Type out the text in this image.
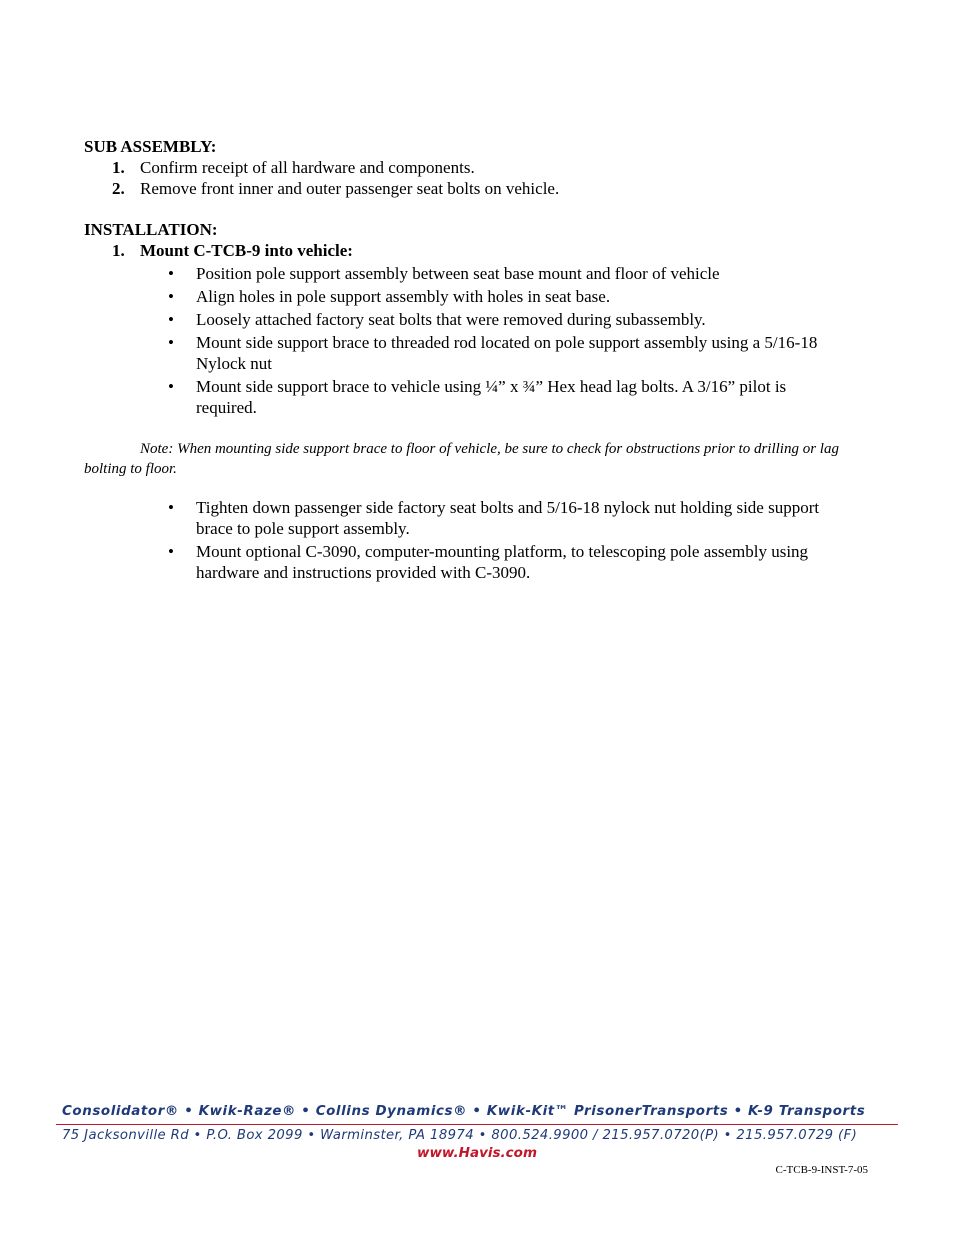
SUB ASSEMBLY:

1. Confirm receipt of all hardware and components.
2. Remove front inner and outer passenger seat bolts on vehicle.

INSTALLATION:

1. Mount C-TCB-9 into vehicle:
• Position pole support assembly between seat base mount and floor of vehicle
• Align holes in pole support assembly with holes in seat base.
• Loosely attached factory seat bolts that were removed during subassembly.
• Mount side support brace to threaded rod located on pole support assembly using a 5/16-18 Nylock nut
• Mount side support brace to vehicle using ¼” x ¾” Hex head lag bolts. A 3/16” pilot is required.

Note: When mounting side support brace to floor of vehicle, be sure to check for obstructions prior to drilling or lag bolting to floor.

• Tighten down passenger side factory seat bolts and 5/16-18 nylock nut holding side support brace to pole support assembly.
• Mount optional C-3090, computer-mounting platform, to telescoping pole assembly using hardware and instructions provided with C-3090.
Consolidator® • Kwik-Raze® • Collins Dynamics® • Kwik-Kit™ PrisonerTransports • K-9 Transports
75 Jacksonville Rd • P.O. Box 2099 • Warminster, PA 18974 • 800.524.9900 / 215.957.0720(P) • 215.957.0729 (F)
www.Havis.com
C-TCB-9-INST-7-05
